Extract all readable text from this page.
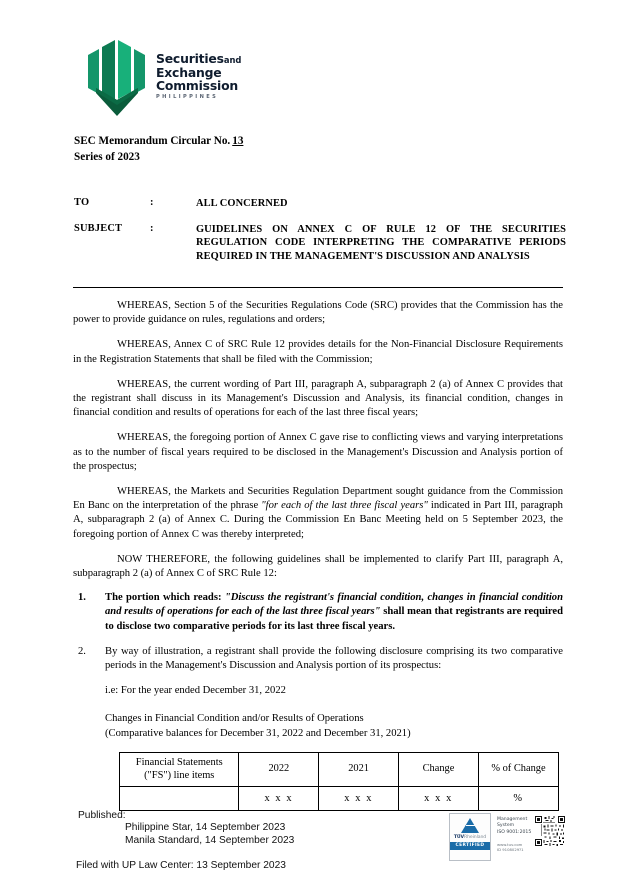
Securitiesand
Exchange
Commission
PHILIPPINES
SEC Memorandum Circular No. 13
Series of 2023
TO	:	ALL CONCERNED
SUBJECT	:	GUIDELINES ON ANNEX C OF RULE 12 OF THE SECURITIES REGULATION CODE INTERPRETING THE COMPARATIVE PERIODS REQUIRED IN THE MANAGEMENT'S DISCUSSION AND ANALYSIS

WHEREAS, Section 5 of the Securities Regulations Code (SRC) provides that the Commission has the power to provide guidance on rules, regulations and orders;

WHEREAS, Annex C of SRC Rule 12 provides details for the Non-Financial Disclosure Requirements in the Registration Statements that shall be filed with the Commission;

WHEREAS, the current wording of Part III, paragraph A, subparagraph 2 (a) of Annex C provides that the registrant shall discuss in its Management's Discussion and Analysis, its financial condition, changes in financial condition and results of operations for each of the last three fiscal years;

WHEREAS, the foregoing portion of Annex C gave rise to conflicting views and varying interpretations as to the number of fiscal years required to be disclosed in the Management's Discussion and Analysis portion of the prospectus;

WHEREAS, the Markets and Securities Regulation Department sought guidance from the Commission En Banc on the interpretation of the phrase "for each of the last three fiscal years" indicated in Part III, paragraph A, subparagraph 2 (a) of Annex C. During the Commission En Banc Meeting held on 5 September 2023, the foregoing portion of Annex C was thereby interpreted;

NOW THEREFORE, the following guidelines shall be implemented to clarify Part III, paragraph A, subparagraph 2 (a) of Annex C of SRC Rule 12:

1.	The portion which reads: "Discuss the registrant's financial condition, changes in financial condition and results of operations for each of the last three fiscal years" shall mean that registrants are required to disclose two comparative periods for its last three fiscal years.
2.	By way of illustration, a registrant shall provide the following disclosure comprising its two comparative periods in the Management's Discussion and Analysis portion of its prospectus:
i.e: For the year ended December 31, 2022
Changes in Financial Condition and/or Results of Operations
(Comparative balances for December 31, 2022 and December 31, 2021)
Financial Statements
("FS") line items	2022	2021	Change	% of Change
	x x x	x x x	x x x	%
Published:
Philippine Star, 14 September 2023
Manila Standard, 14 September 2023
Filed with UP Law Center: 13 September 2023
TÜVRheinland
CERTIFIED
Management
System
ISO 9001:2015
www.tuv.com
ID 9108029?1
